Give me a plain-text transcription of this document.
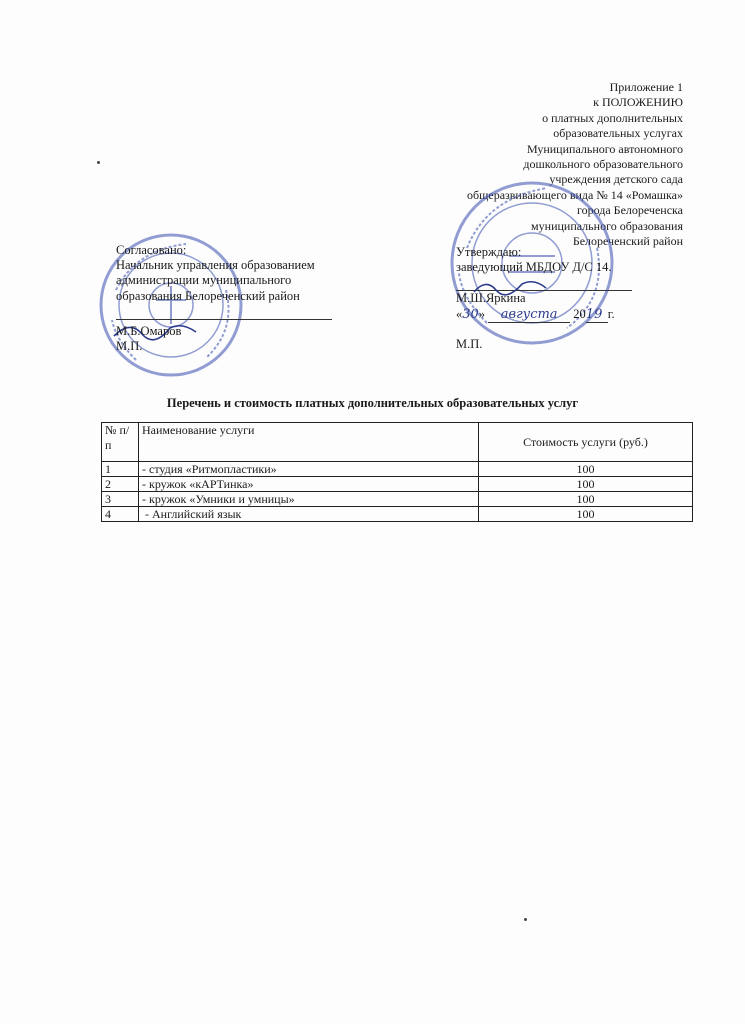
Приложение 1
к ПОЛОЖЕНИЮ
о платных дополнительных
образовательных услугах
Муниципального автономного
дошкольного образовательного
учреждения детского сада
общеразвивающего вида № 14 «Ромашка»
города Белореченска
муниципального образования
Белореченский район
Согласовано:
Начальник управления образованием
администрации муниципального
образования Белореченский район
М.Б.Омаров
М.П.
Утверждаю:
заведующий МБДОУ Д/С 14.
М.Ш.Яркина
«30» августа 2019 г.
М.П.
Перечень и стоимость платных дополнительных образовательных услуг
№ п/п	Наименование услуги	Стоимость услуги (руб.)
1	- студия «Ритмопластики»	100
2	- кружок «кАРТинка»	100
3	- кружок «Умники и умницы»	100
4	- Английский язык	100
